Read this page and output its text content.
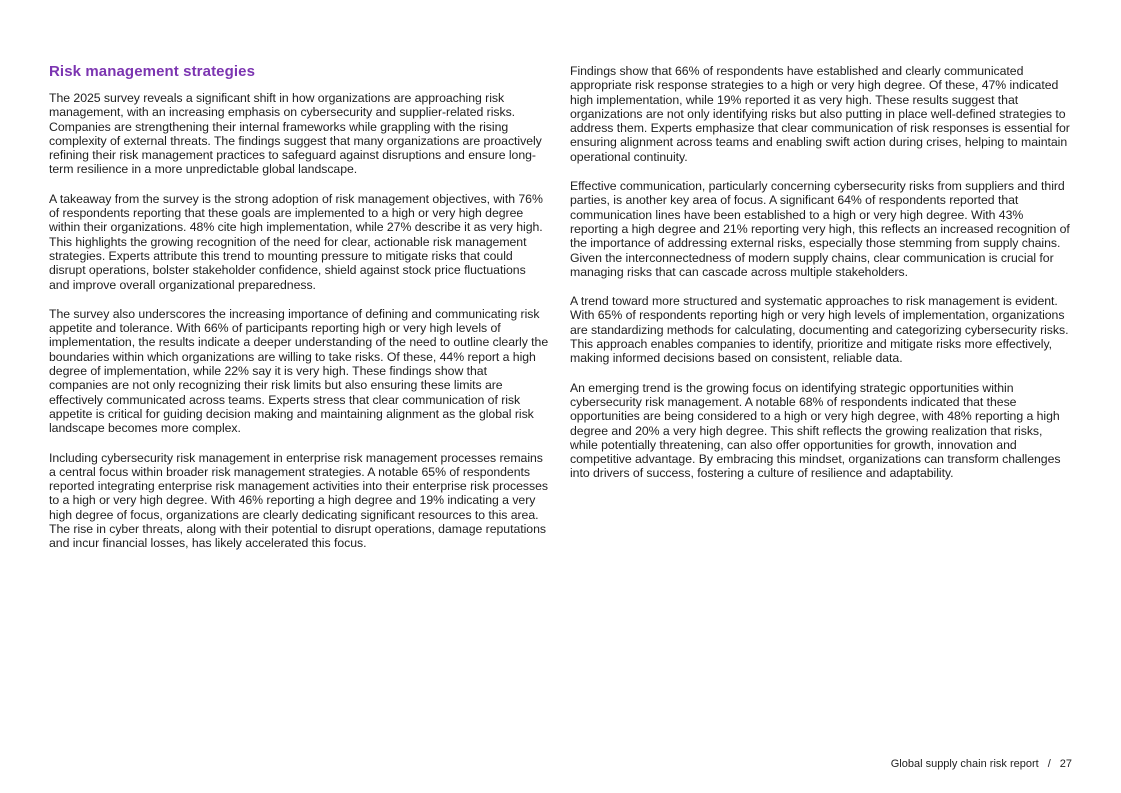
Risk management strategies

The 2025 survey reveals a significant shift in how organizations are approaching risk management, with an increasing emphasis on cybersecurity and supplier-related risks. Companies are strengthening their internal frameworks while grappling with the rising complexity of external threats. The findings suggest that many organizations are proactively refining their risk management practices to safeguard against disruptions and ensure long-term resilience in a more unpredictable global landscape.

A takeaway from the survey is the strong adoption of risk management objectives, with 76% of respondents reporting that these goals are implemented to a high or very high degree within their organizations. 48% cite high implementation, while 27% describe it as very high. This highlights the growing recognition of the need for clear, actionable risk management strategies. Experts attribute this trend to mounting pressure to mitigate risks that could disrupt operations, bolster stakeholder confidence, shield against stock price fluctuations and improve overall organizational preparedness.

The survey also underscores the increasing importance of defining and communicating risk appetite and tolerance. With 66% of participants reporting high or very high levels of implementation, the results indicate a deeper understanding of the need to outline clearly the boundaries within which organizations are willing to take risks. Of these, 44% report a high degree of implementation, while 22% say it is very high. These findings show that companies are not only recognizing their risk limits but also ensuring these limits are effectively communicated across teams. Experts stress that clear communication of risk appetite is critical for guiding decision making and maintaining alignment as the global risk landscape becomes more complex.

Including cybersecurity risk management in enterprise risk management processes remains a central focus within broader risk management strategies. A notable 65% of respondents reported integrating enterprise risk management activities into their enterprise risk processes to a high or very high degree. With 46% reporting a high degree and 19% indicating a very high degree of focus, organizations are clearly dedicating significant resources to this area. The rise in cyber threats, along with their potential to disrupt operations, damage reputations and incur financial losses, has likely accelerated this focus.

Findings show that 66% of respondents have established and clearly communicated appropriate risk response strategies to a high or very high degree. Of these, 47% indicated high implementation, while 19% reported it as very high. These results suggest that organizations are not only identifying risks but also putting in place well-defined strategies to address them. Experts emphasize that clear communication of risk responses is essential for ensuring alignment across teams and enabling swift action during crises, helping to maintain operational continuity.

Effective communication, particularly concerning cybersecurity risks from suppliers and third parties, is another key area of focus. A significant 64% of respondents reported that communication lines have been established to a high or very high degree. With 43% reporting a high degree and 21% reporting very high, this reflects an increased recognition of the importance of addressing external risks, especially those stemming from supply chains. Given the interconnectedness of modern supply chains, clear communication is crucial for managing risks that can cascade across multiple stakeholders.

A trend toward more structured and systematic approaches to risk management is evident. With 65% of respondents reporting high or very high levels of implementation, organizations are standardizing methods for calculating, documenting and categorizing cybersecurity risks. This approach enables companies to identify, prioritize and mitigate risks more effectively, making informed decisions based on consistent, reliable data.

An emerging trend is the growing focus on identifying strategic opportunities within cybersecurity risk management. A notable 68% of respondents indicated that these opportunities are being considered to a high or very high degree, with 48% reporting a high degree and 20% a very high degree. This shift reflects the growing realization that risks, while potentially threatening, can also offer opportunities for growth, innovation and competitive advantage. By embracing this mindset, organizations can transform challenges into drivers of success, fostering a culture of resilience and adaptability.

Global supply chain risk report / 27
